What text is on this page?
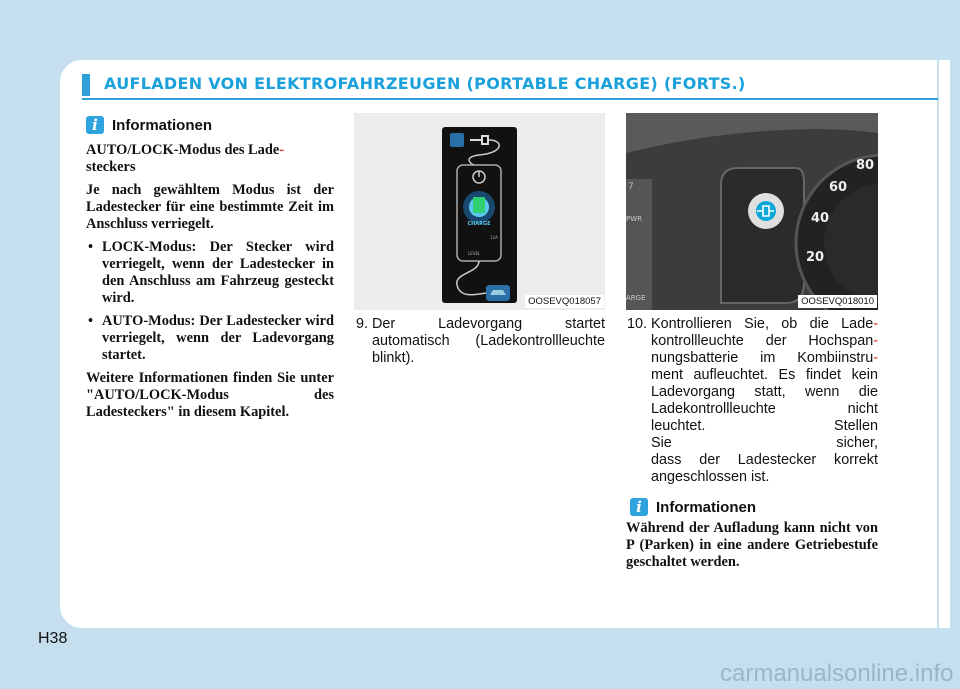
AUFLADEN VON ELEKTROFAHRZEUGEN (PORTABLE CHARGE) (FORTS.)
i Informationen

AUTO/LOCK-Modus des Lade-
steckers

Je nach gewähltem Modus ist der Ladestecker für eine bestimmte Zeit im Anschluss verriegelt.

• LOCK-Modus: Der Stecker wird verriegelt, wenn der Ladestecker in den Anschluss am Fahrzeug gesteckt wird.
• AUTO-Modus: Der Ladestecker wird verriegelt, wenn der Ladevorgang startet.

Weitere Informationen finden Sie unter "AUTO/LOCK-Modus des Ladesteckers" in diesem Kapitel.

CHARGE
12A
LEVEL
OOSEVQ018057
7
PWR
ARGE
80
60
40
20
OOSEVQ018010
9. Der Ladevorgang startet automatisch (Ladekontrollleuchte blinkt).
10. Kontrollieren Sie, ob die Lade-
kontrollleuchte der Hochspan-
nungsbatterie im Kombiinstru-
ment aufleuchtet. Es findet kein
Ladevorgang statt, wenn die
Ladekontrollleuchte nicht
leuchtet. Stellen
Sie sicher,
dass der Ladestecker korrekt
angeschlossen ist.
i Informationen
Während der Aufladung kann nicht von P (Parken) in eine andere Getriebestufe geschaltet werden.
H38
carmanualsonline.info
